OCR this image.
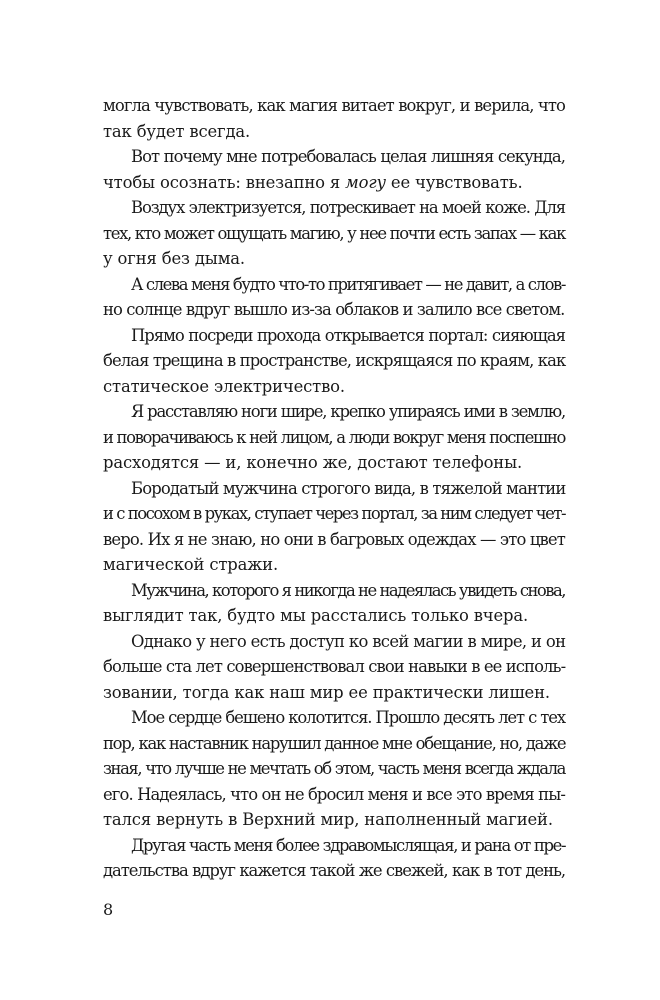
могла чувствовать, как магия витает вокруг, и верила, что
так будет всегда.
Вот почему мне потребовалась целая лишняя секунда,
чтобы осознать: внезапно я могу ее чувствовать.
Воздух электризуется, потрескивает на моей коже. Для
тех, кто может ощущать магию, у нее почти есть запах — как
у огня без дыма.
А слева меня будто что-то притягивает — не давит, а слов-
но солнце вдруг вышло из-за облаков и залило все светом.
Прямо посреди прохода открывается портал: сияющая
белая трещина в пространстве, искрящаяся по краям, как
статическое электричество.
Я расставляю ноги шире, крепко упираясь ими в землю,
и поворачиваюсь к ней лицом, а люди вокруг меня поспешно
расходятся — и, конечно же, достают телефоны.
Бородатый мужчина строгого вида, в тяжелой мантии
и с посохом в руках, ступает через портал, за ним следует чет-
веро. Их я не знаю, но они в багровых одеждах — это цвет
магической стражи.
Мужчина, которого я никогда не надеялась увидеть снова,
выглядит так, будто мы расстались только вчера.
Однако у него есть доступ ко всей магии в мире, и он
больше ста лет совершенствовал свои навыки в ее исполь-
зовании, тогда как наш мир ее практически лишен.
Мое сердце бешено колотится. Прошло десять лет с тех
пор, как наставник нарушил данное мне обещание, но, даже
зная, что лучше не мечтать об этом, часть меня всегда ждала
его. Надеялась, что он не бросил меня и все это время пы-
тался вернуть в Верхний мир, наполненный магией.
Другая часть меня более здравомыслящая, и рана от пре-
дательства вдруг кажется такой же свежей, как в тот день,
8
